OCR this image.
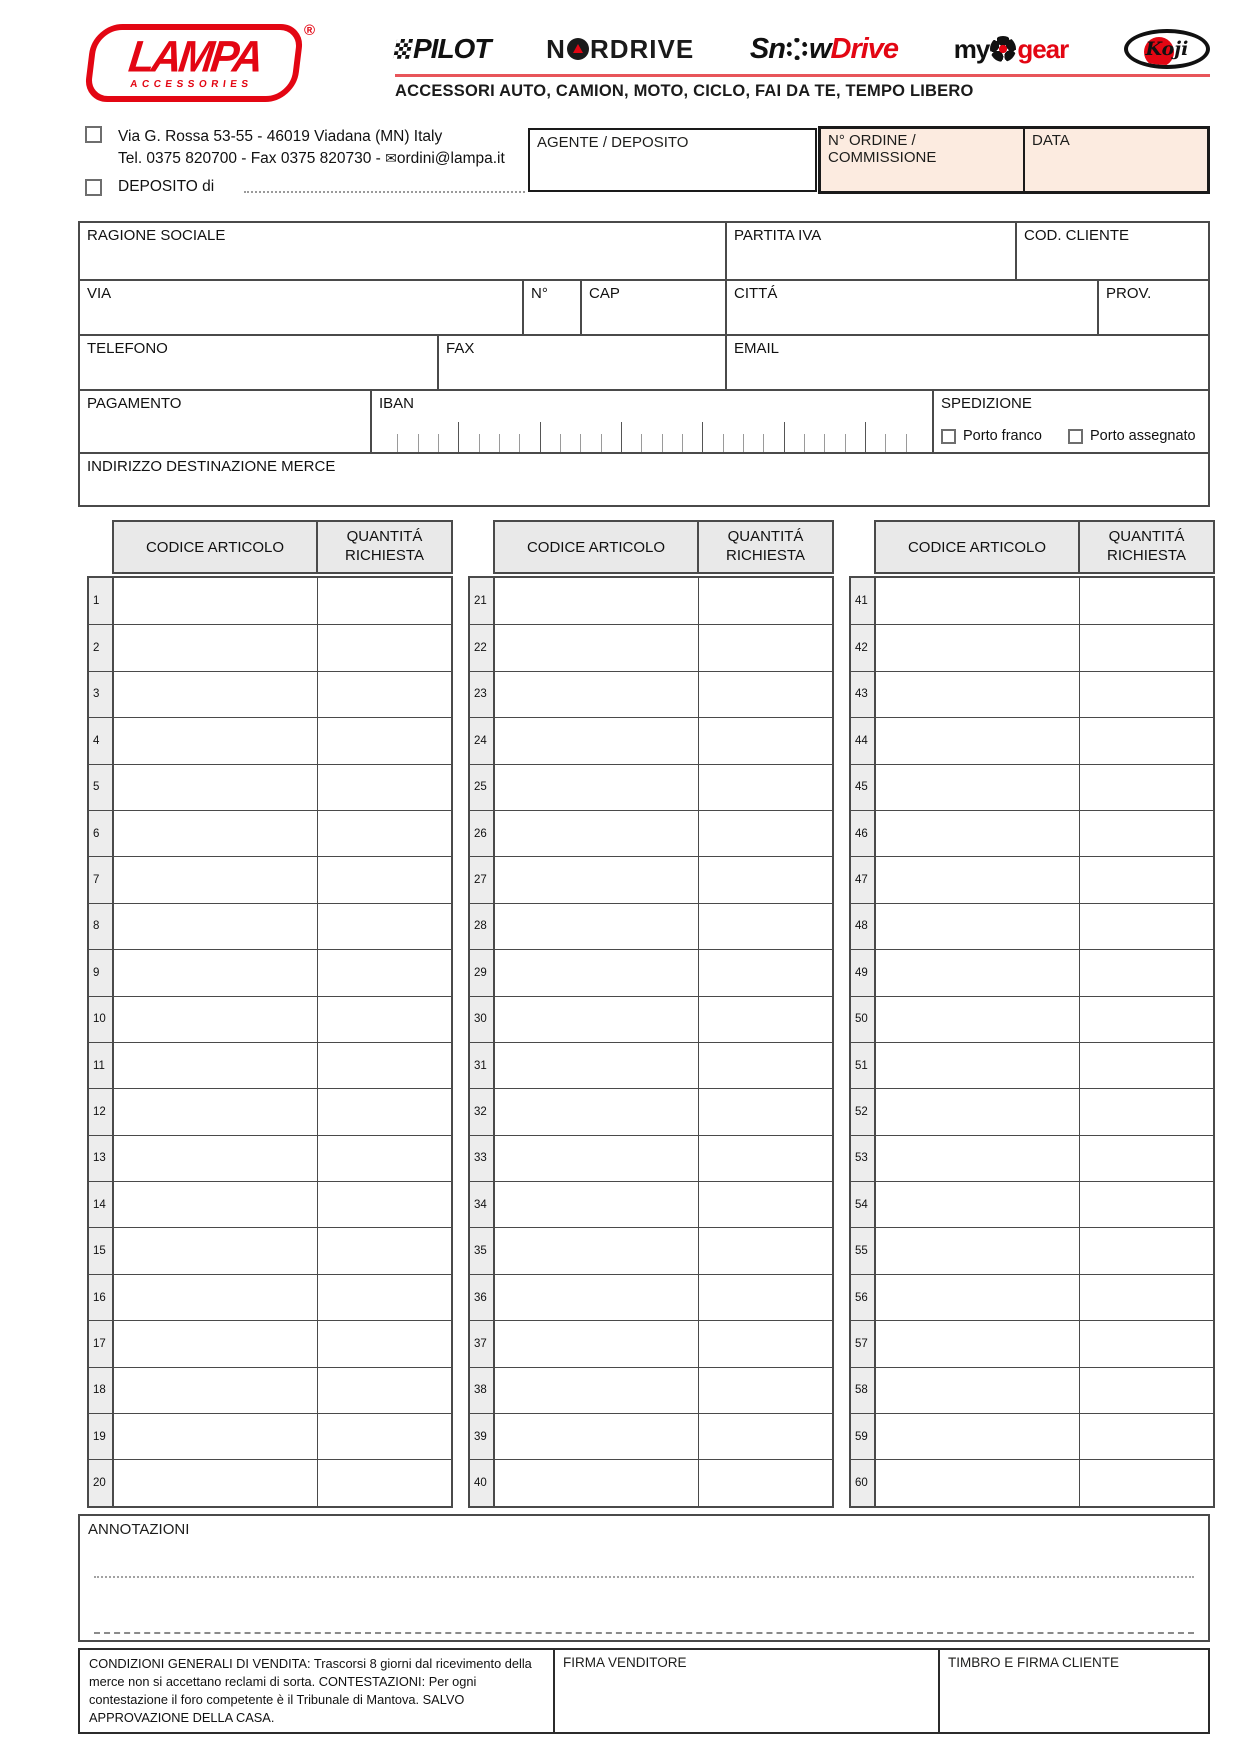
LAMPA
ACCESSORIES
®
PILOT N RDRIVE Sn w Drive my gear	Koji
ACCESSORI AUTO, CAMION, MOTO, CICLO, FAI DA TE, TEMPO LIBERO
Via G. Rossa 53-55 - 46019 Viadana (MN) Italy
Tel. 0375 820700 - Fax 0375 820730 - ✉ordini@lampa.it
DEPOSITO di
AGENTE / DEPOSITO	N° ORDINE / COMMISSIONE
DATA
RAGIONE SOCIALE	PARTITA IVA	COD. CLIENTE
VIA	N°	CAP	CITTÁ	PROV.
TELEFONO	FAX	EMAIL
PAGAMENTO	IBAN	SPEDIZIONE
Porto franco	Porto assegnato
INDIRIZZO DESTINAZIONE MERCE
CODICE ARTICOLO
QUANTITÁ
RICHIESTA
1
2
3
4
5
6
7
8
9
10
11
12
13
14
15
16
17
18
19
20
CODICE ARTICOLO
QUANTITÁ
RICHIESTA
21
22
23
24
25
26
27
28
29
30
31
32
33
34
35
36
37
38
39
40
CODICE ARTICOLO
QUANTITÁ
RICHIESTA
41
42
43
44
45
46
47
48
49
50
51
52
53
54
55
56
57
58
59
60
ANNOTAZIONI
CONDIZIONI GENERALI DI VENDITA: Trascorsi 8 giorni dal ricevimento della merce non si accettano reclami di sorta. CONTESTAZIONI: Per ogni contestazione il foro competente è il Tribunale di Mantova. SALVO APPROVAZIONE DELLA CASA.
FIRMA VENDITORE	TIMBRO E FIRMA CLIENTE
